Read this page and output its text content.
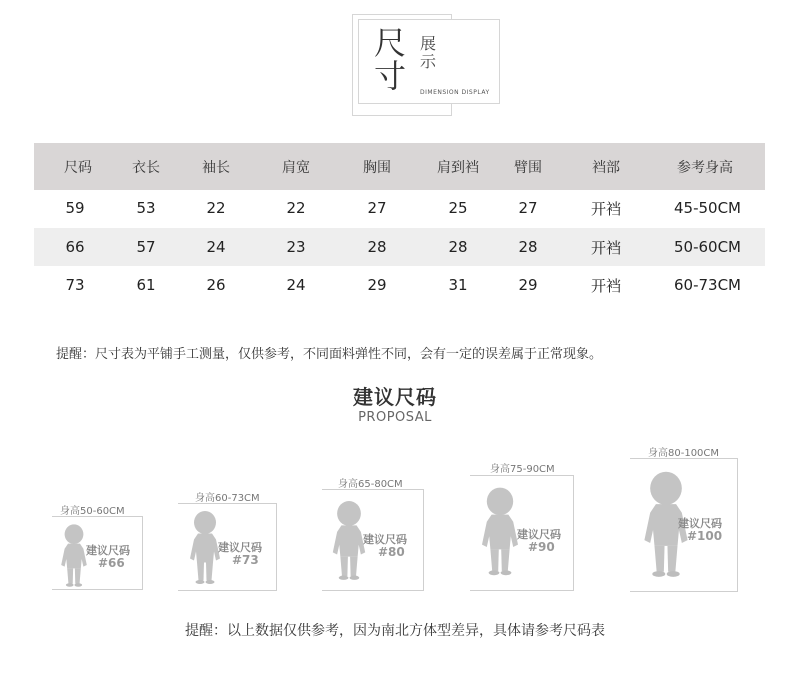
尺
寸
展
示
DIMENSION DISPLAY
尺码	衣长	袖长	肩宽	胸围	肩到裆	臂围	裆部	参考身高
59	53	22	22	27	25	27	开裆	45-50CM
66	57	24	23	28	28	28	开裆	50-60CM
73	61	26	24	29	31	29	开裆	60-73CM
提醒：尺寸表为平铺手工测量，仅供参考，不同面料弹性不同，会有一定的误差属于正常现象。
建议尺码
PROPOSAL
身高50-60CM
建议尺码
#66
身高60-73CM
建议尺码
#73
身高65-80CM
建议尺码
#80
身高75-90CM
建议尺码
#90
身高80-100CM
建议尺码
#100
提醒：以上数据仅供参考，因为南北方体型差异，具体请参考尺码表
